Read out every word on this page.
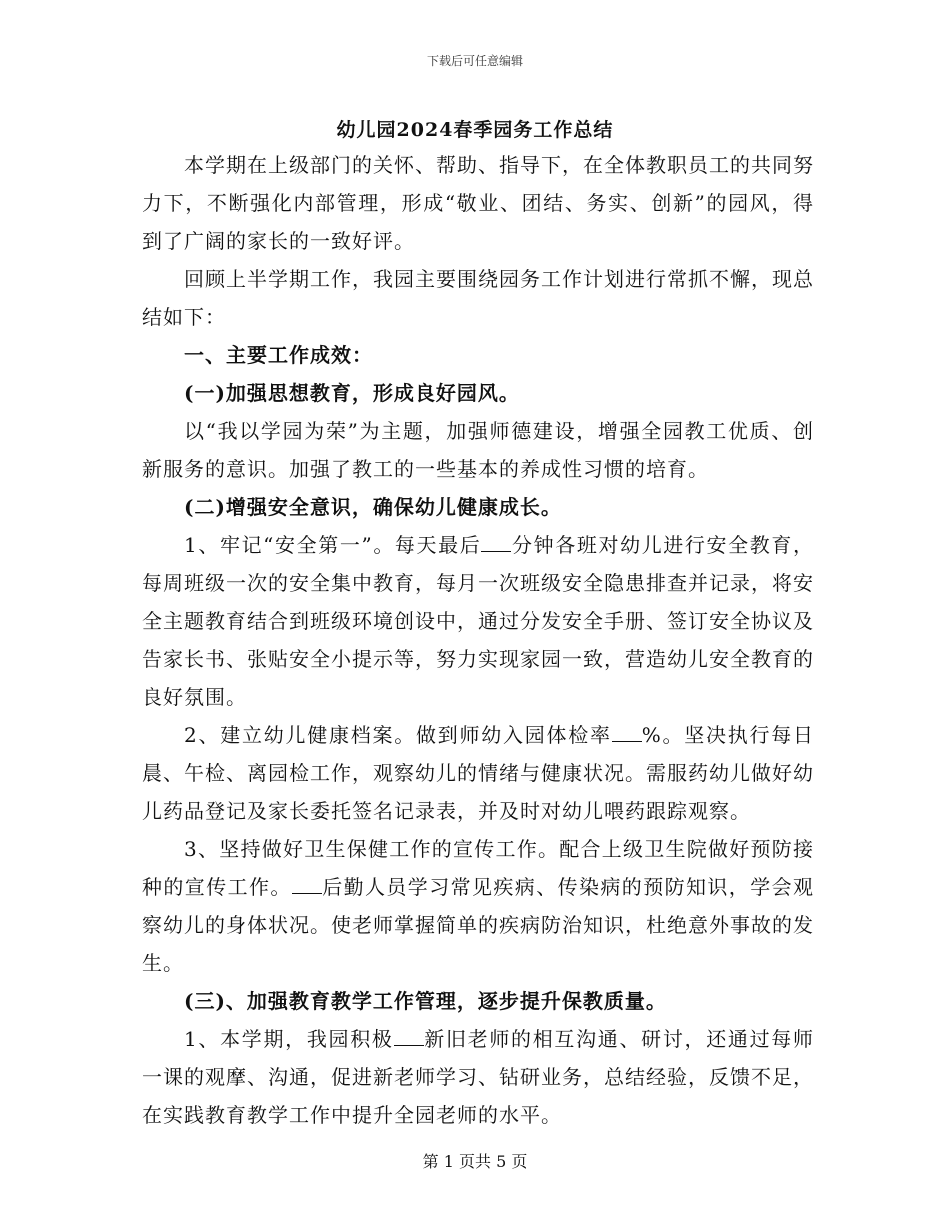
下载后可任意编辑
幼儿园2024春季园务工作总结

本学期在上级部门的关怀、帮助、指导下，在全体教职员工的共同努力下，不断强化内部管理，形成“敬业、团结、务实、创新”的园风，得到了广阔的家长的一致好评。

回顾上半学期工作，我园主要围绕园务工作计划进行常抓不懈，现总结如下：

一、主要工作成效：

(一)加强思想教育，形成良好园风。

以“我以学园为荣”为主题，加强师德建设，增强全园教工优质、创新服务的意识。加强了教工的一些基本的养成性习惯的培育。

(二)增强安全意识，确保幼儿健康成长。

1、牢记“安全第一”。每天最后 分钟各班对幼儿进行安全教育，每周班级一次的安全集中教育，每月一次班级安全隐患排查并记录，将安全主题教育结合到班级环境创设中，通过分发安全手册、签订安全协议及告家长书、张贴安全小提示等，努力实现家园一致，营造幼儿安全教育的良好氛围。

2、建立幼儿健康档案。做到师幼入园体检率 %。坚决执行每日晨、午检、离园检工作，观察幼儿的情绪与健康状况。需服药幼儿做好幼儿药品登记及家长委托签名记录表，并及时对幼儿喂药跟踪观察。

3、坚持做好卫生保健工作的宣传工作。配合上级卫生院做好预防接种的宣传工作。 后勤人员学习常见疾病、传染病的预防知识，学会观察幼儿的身体状况。使老师掌握简单的疾病防治知识，杜绝意外事故的发生。

(三)、加强教育教学工作管理，逐步提升保教质量。

1、本学期，我园积极 新旧老师的相互沟通、研讨，还通过每师一课的观摩、沟通，促进新老师学习、钻研业务，总结经验，反馈不足，在实践教育教学工作中提升全园老师的水平。

第 1 页共 5 页
